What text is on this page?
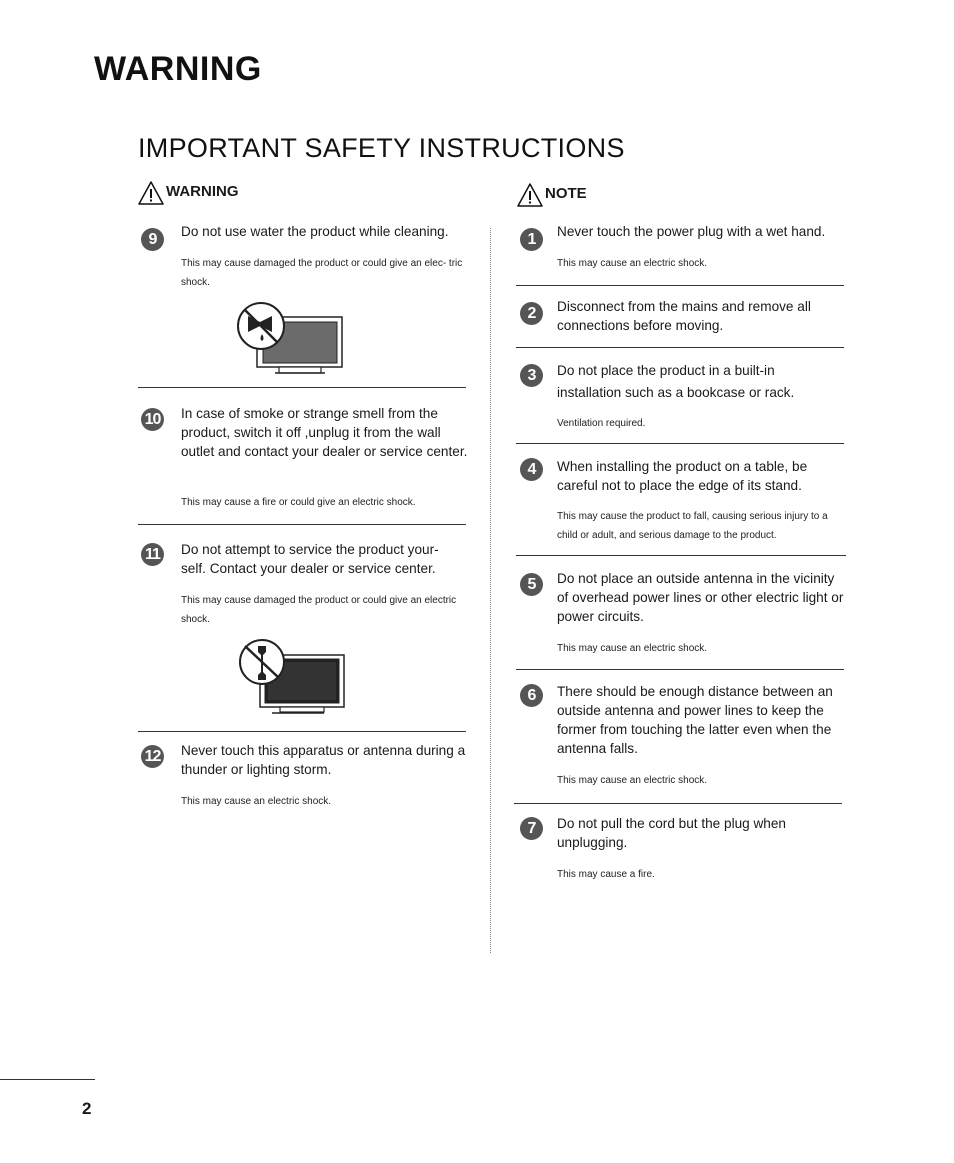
WARNING
IMPORTANT SAFETY INSTRUCTIONS
WARNING	NOTE
9	Do not use water the product while cleaning.
This may cause damaged the product or could give an elec- tric shock.
10 In case of smoke or strange smell from the product, switch it off ,unplug it from the wall outlet and contact your dealer or service center.
This may cause a fire or could give an electric shock.
11 Do not attempt to service the product your- self. Contact your dealer or service center.
This may cause damaged the product or could give an electric shock.
12 Never touch this apparatus or antenna during a thunder or lighting storm.
This may cause an electric shock.
1	Never touch the power plug with a wet hand.
This may cause an electric shock.
2	Disconnect from the mains and remove all connections before moving.
3	Do not place the product in a built-in installation such as a bookcase or rack.
Ventilation required.
4	When installing the product on a table, be careful not to place the edge of its stand.
This may cause the product to fall, causing serious injury to a child or adult, and serious damage to the product.
5	Do not place an outside antenna in the vicinity of overhead power lines or other electric light or power circuits.
This may cause an electric shock.
6	There should be enough distance between an outside antenna and power lines to keep the former from touching the latter even when the antenna falls.
This may cause an electric shock.
7	Do not pull the cord but the plug when unplugging.
This may cause a fire.
2
